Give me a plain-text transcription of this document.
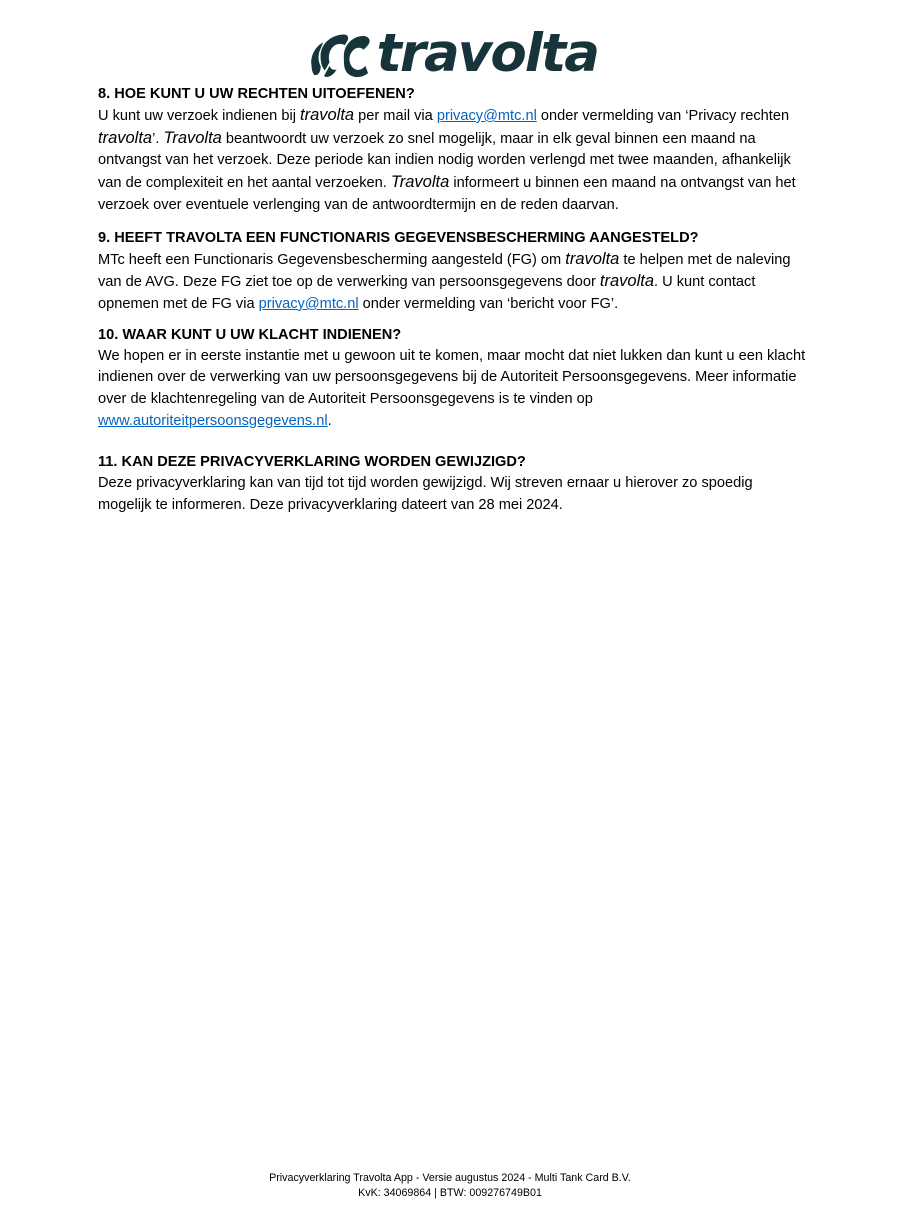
travolta
8. HOE KUNT U UW RECHTEN UITOEFENEN?

U kunt uw verzoek indienen bij travolta per mail via privacy@mtc.nl onder vermelding van ‘Privacy rechten travolta’. Travolta beantwoordt uw verzoek zo snel mogelijk, maar in elk geval binnen een maand na ontvangst van het verzoek. Deze periode kan indien nodig worden verlengd met twee maanden, afhankelijk van de complexiteit en het aantal verzoeken. Travolta informeert u binnen een maand na ontvangst van het verzoek over eventuele verlenging van de antwoordtermijn en de reden daarvan.

9. HEEFT TRAVOLTA EEN FUNCTIONARIS GEGEVENSBESCHERMING AANGESTELD?

MTc heeft een Functionaris Gegevensbescherming aangesteld (FG) om travolta te helpen met de naleving van de AVG. Deze FG ziet toe op de verwerking van persoonsgegevens door travolta. U kunt contact opnemen met de FG via privacy@mtc.nl onder vermelding van ‘bericht voor FG’.

10. WAAR KUNT U UW KLACHT INDIENEN?

We hopen er in eerste instantie met u gewoon uit te komen, maar mocht dat niet lukken dan kunt u een klacht indienen over de verwerking van uw persoonsgegevens bij de Autoriteit Persoonsgegevens. Meer informatie over de klachtenregeling van de Autoriteit Persoonsgegevens is te vinden op www.autoriteitpersoonsgegevens.nl.

11. KAN DEZE PRIVACYVERKLARING WORDEN GEWIJZIGD?

Deze privacyverklaring kan van tijd tot tijd worden gewijzigd. Wij streven ernaar u hierover zo spoedig mogelijk te informeren. Deze privacyverklaring dateert van 28 mei 2024.

Privacyverklaring Travolta App - Versie augustus 2024 - Multi Tank Card B.V.
KvK: 34069864 | BTW: 009276749B01
